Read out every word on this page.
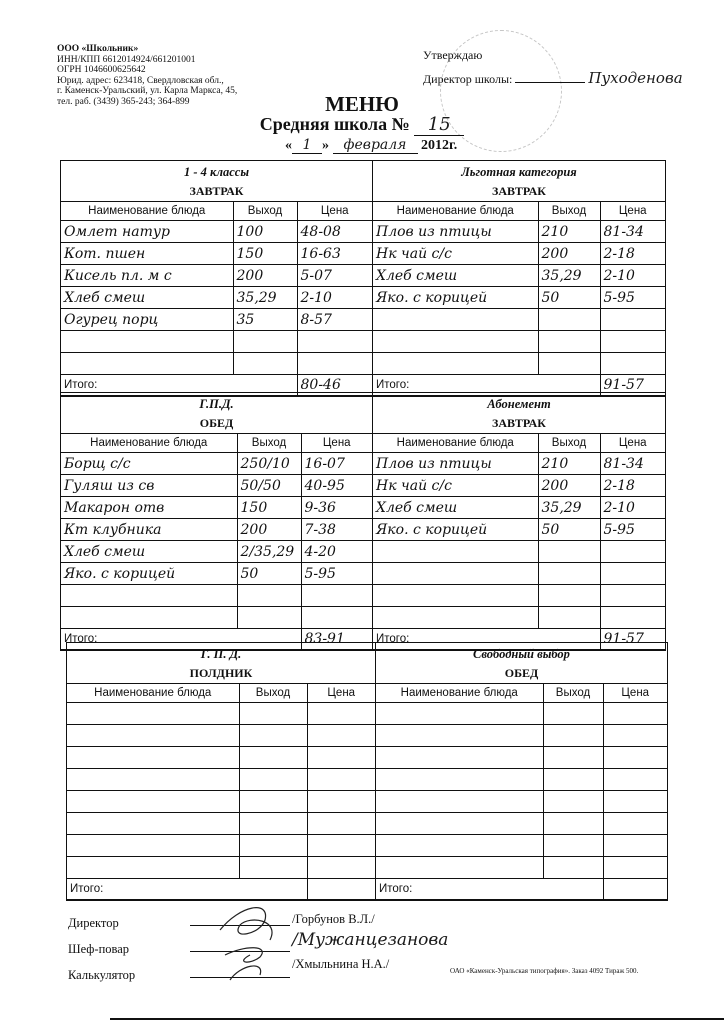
ООО «Школьник»
ИНН/КПП 6612014924/661201001
ОГРН 1046600625642
Юрид. адрес: 623418, Свердловская обл.,
г. Каменск-Уральский, ул. Карла Маркса, 45,
тел. раб. (3439) 365-243; 364-899
Утверждаю
Директор школы:	Пуходенова
МЕНЮ
Средняя школа № 15
« 1 » февраля 2012г.
1 - 4 классы
ЗАВТРАК		

Наименование блюда	Выход	Цена
Омлет натур	100	48-08
Кот. пшен	150	16-63
Кисель пл. м с	200	5-07
Хлеб смеш	35,29	2-10
Огурец порц	35	8-57

Итого:		80-46
Льготная категория
ЗАВТРАК		

Наименование блюда	Выход	Цена
Плов из птицы	210	81-34
Нк чай с/с	200	2-18
Хлеб смеш	35,29	2-10
Яко. с корицей	50	5-95

Итого:		91-57
Г.П.Д.
ОБЕД		

Наименование блюда	Выход	Цена
Борщ с/с	250/10	16-07
Гуляш из св	50/50	40-95
Макарон отв	150	9-36
Кт клубника	200	7-38
Хлеб смеш	2/35,29	4-20
Яко. с корицей	50	5-95

Итого:		83-91
Абонемент
ЗАВТРАК		

Наименование блюда	Выход	Цена
Плов из птицы	210	81-34
Нк чай с/с	200	2-18
Хлеб смеш	35,29	2-10
Яко. с корицей	50	5-95

Итого:		91-57
Г. П. Д.
ПОЛДНИК		

Наименование блюда	Выход	Цена

Итого:		
Свободный выбор
ОБЕД		

Наименование блюда	Выход	Цена

Итого:		
Директор
Шеф-повар
Калькулятор
/Горбунов В.Л./
/Мужанцезанова
/Хмыльнина Н.А./	ОАО «Каменск-Уральская типография». Заказ 4092 Тираж 500.
